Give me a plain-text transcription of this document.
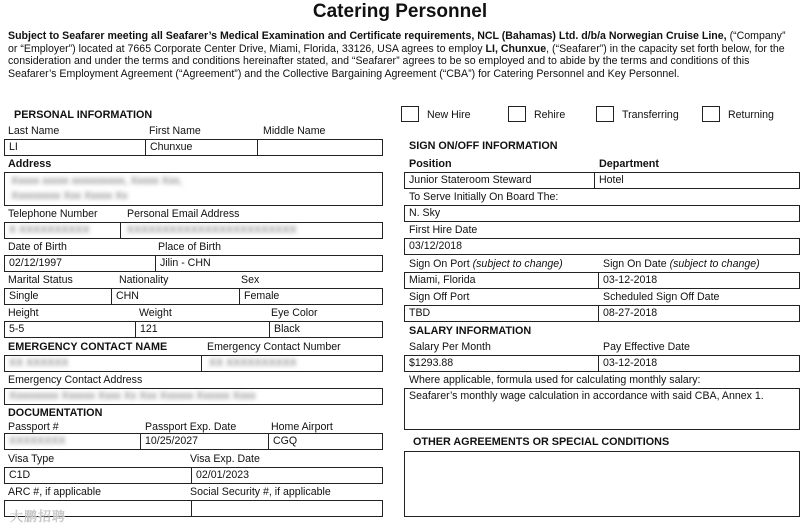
Catering Personnel
Subject to Seafarer meeting all Seafarer’s Medical Examination and Certificate requirements, NCL (Bahamas) Ltd. d/b/a Norwegian Cruise Line, (“Company” or “Employer”) located at 7665 Corporate Center Drive, Miami, Florida, 33126, USA agrees to employ LI, Chunxue, (“Seafarer”) in the capacity set forth below, for the consideration and under the terms and conditions hereinafter stated, and “Seafarer” agrees to be so employed and to abide by the terms and conditions of this Seafarer’s Employment Agreement (“Agreement”) and the Collective Bargaining Agreement (“CBA”) for Catering Personnel and Key Personnel.
New Hire	Rehire	Transferring	Returning
PERSONAL INFORMATION
Last Name	First Name	Middle Name
LI	Chunxue
Address
Xxxxx xxxxx xxxxxxxxxx, Xxxxx Xxx,
Xxxxxxxxx Xxx Xxxxx Xx
Telephone Number	Personal Email Address
X XXXXXXXXXX	XXXXXXXXXXXXXXXXXXXXXXXX
Date of Birth	Place of Birth
02/12/1997	Jilin - CHN
Marital Status	Nationality	Sex
Single	CHN	Female
Height	Weight	Eye Color
5-5	121	Black
EMERGENCY CONTACT NAME	Emergency Contact Number
XX XXXXXX	XX XXXXXXXXXX
Emergency Contact Address
Xxxxxxxxx Xxxxxx Xxxx Xx Xxx Xxxxxx Xxxxxx Xxxx
DOCUMENTATION
Passport #	Passport Exp. Date	Home Airport
XXXXXXXX	10/25/2027	CGQ
Visa Type	Visa Exp. Date
C1D	02/01/2023
ARC #, if applicable	Social Security #, if applicable
SIGN ON/OFF INFORMATION
Position	Department
Junior Stateroom Steward	Hotel
To Serve Initially On Board The:
N. Sky
First Hire Date
03/12/2018
Sign On Port (subject to change)	Sign On Date (subject to change)
Miami, Florida	03-12-2018
Sign Off Port	Scheduled Sign Off Date
TBD	08-27-2018
SALARY INFORMATION
Salary Per Month	Pay Effective Date
$1293.88	03-12-2018
Where applicable, formula used for calculating monthly salary:
Seafarer’s monthly wage calculation in accordance with said CBA, Annex 1.
OTHER AGREEMENTS OR SPECIAL CONDITIONS
大鹏招聘
